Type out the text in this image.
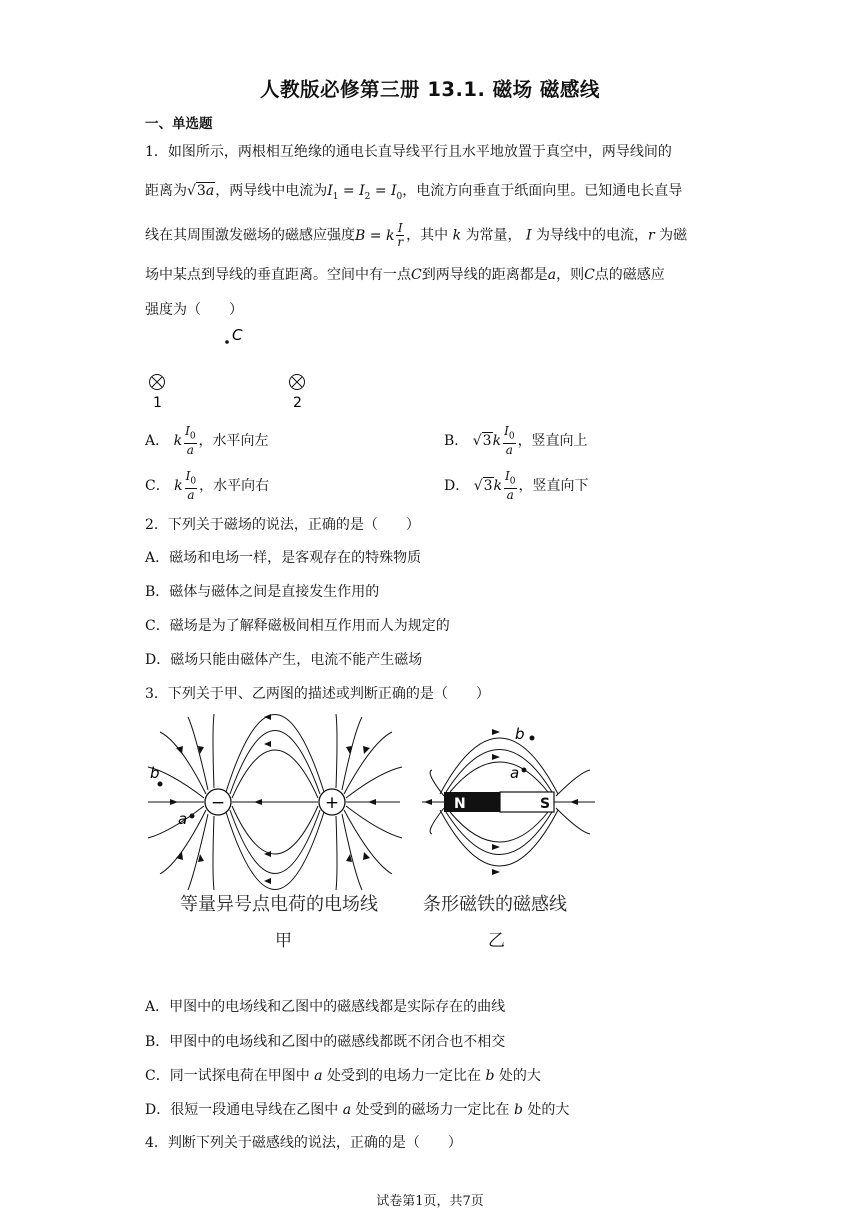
人教版必修第三册 13.1. 磁场 磁感线
一、单选题
1．如图所示，两根相互绝缘的通电长直导线平行且水平地放置于真空中，两导线间的
距离为√3a，两导线中电流为$I_1 = I_2 = I_0$，电流方向垂直于纸面向里。已知通电长直导
线在其周围激发磁场的磁感应强度B = k $\frac{I}{r}$ ，其中 k 为常量， I 为导线中的电流，r 为磁
场中某点到导线的垂直距离。空间中有一点C到两导线的距离都是a，则C点的磁感应
强度为（　　）
C
1	2
A． k $\frac{I_0}{a}$ ，水平向左	B． $√3k \frac{I_0}{a}$ ，竖直向上
C． k $\frac{I_0}{a}$ ，水平向右	D． $√3k \frac{I_0}{a}$ ，竖直向下
2．下列关于磁场的说法，正确的是（　　）
A．磁场和电场一样，是客观存在的特殊物质
B．磁体与磁体之间是直接发生作用的
C．磁场是为了解释磁极间相互作用而人为规定的
D．磁场只能由磁体产生，电流不能产生磁场
3．下列关于甲、乙两图的描述或判断正确的是（　　）
−	+
b
a
N	S
b
a
等量异号点电荷的电场线
甲
条形磁铁的磁感线
乙
A．甲图中的电场线和乙图中的磁感线都是实际存在的曲线
B．甲图中的电场线和乙图中的磁感线都既不闭合也不相交
C．同一试探电荷在甲图中 a 处受到的电场力一定比在 b 处的大
D．很短一段通电导线在乙图中 a 处受到的磁场力一定比在 b 处的大
4．判断下列关于磁感线的说法，正确的是（　　）
试卷第1页，共7页
